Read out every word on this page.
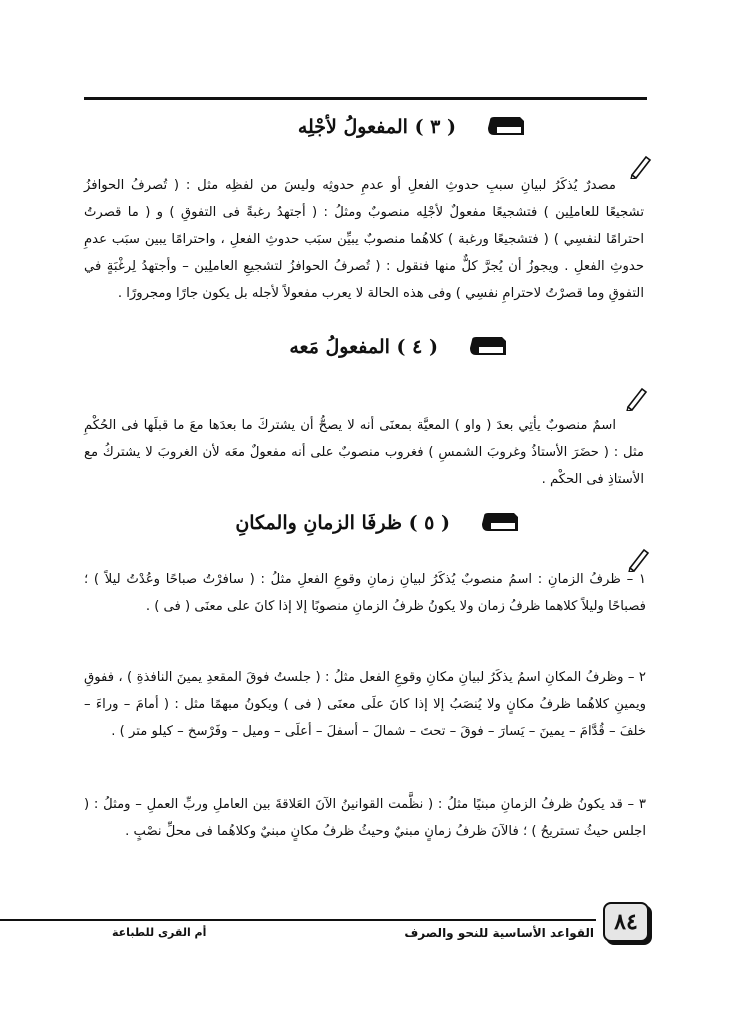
( ٣ ) المفعولُ لأجْلِه

مصدرٌ يُذكَرُ لبيانِ سببِ حدوثِ الفعلِ أو عدمِ حدوثِه وليسَ من لفظِه مثل : ( تُصرفُ الحوافزُ تشجيعًا للعاملِين ) فتشجيعًا مفعولٌ لأجْلِه منصوبٌ ومثلُ : ( أجتهدُ رغبةً فى التفوقِ ) و ( ما قصرتُ احترامًا لنفسِي ) ( فتشجيعًا ورغبة ) كلاهُما منصوبٌ يبيِّن سبَب حدوثِ الفعلِ ، واحترامًا يبين سبَب عدمِ حدوثِ الفعلِ . ويجوزُ أن يُجرَّ كلٌّ منها فنقول : ( تُصرفُ الحوافزُ لتشجيعِ العاملِين – وأجتهدُ لِرغْبَةٍ في التفوقِ وما قصرْتُ لاحترامِ نفسِي ) وفى هذه الحالة لا يعرب مفعولاً لأجله بل يكون جارًا ومجرورًا .

( ٤ ) المفعولُ مَعه

اسمٌ منصوبٌ يأتِي بعدَ ( واو ) المعيَّة بمعنَى أنه لا يصحُّ أن يشتركَ ما بعدَها معَ ما قبلَها فى الحُكْمِ مثل : ( حضَرَ الأستاذُ وغروبَ الشمسِ ) فغروب منصوبٌ على أنه مفعولٌ معَه لأن الغروبَ لا يشتركُ مع الأستاذِ فى الحكْم .

( ٥ ) ظرفَا الزمانِ والمكانِ

١ – ظرفُ الزمانِ : اسمُ منصوبٌ يُذكَرُ لبيانِ زمانِ وقوعِ الفعلِ مثلُ : ( سافرْتُ صباحًا وعُدْتُ ليلاً ) ؛ فصباحًا وليلاً كلاهما ظرفُ زمان ولا يكونُ ظرفُ الزمانِ منصوبًا إلا إذا كانَ على معنَى ( فى ) .

٢ – وظرفُ المكانِ اسمُ يذكَرُ لبيانِ مكانِ وقوعِ الفعل مثلُ : ( جلستُ فوقَ المقعدِ يمينَ النافذةِ ) ، ففوقِ ويمينِ كلاهُما ظرفُ مكانٍ ولا يُنصَبُ إلا إذا كانَ علَى معنَى ( فى ) ويكونُ مبهمًا مثل : ( أمامَ – وراءَ – خلفَ – قُدَّامَ – يمينَ – يَسارَ – فوقَ – تحتَ – شمالَ – أسفلَ – أعلَى – وميل – وفَرْسخ – كيلو متر ) .

٣ – قد يكونُ ظرفُ الزمانِ مبنيًا مثلُ : ( نظَّمت القوانينُ الآنَ العَلاقةَ بين العاملِ وربِّ العملِ – ومثلُ : ( اجلس حيثُ تستريحُ ) ؛ فالآنَ ظرفُ زمانٍ مبنيٌ وحيثُ ظرفُ مكانٍ مبنيٌ وكلاهُما فى محلِّ نصْبٍ .

٨٤
القواعد الأساسية للنحو والصرف
أم القرى للطباعة
